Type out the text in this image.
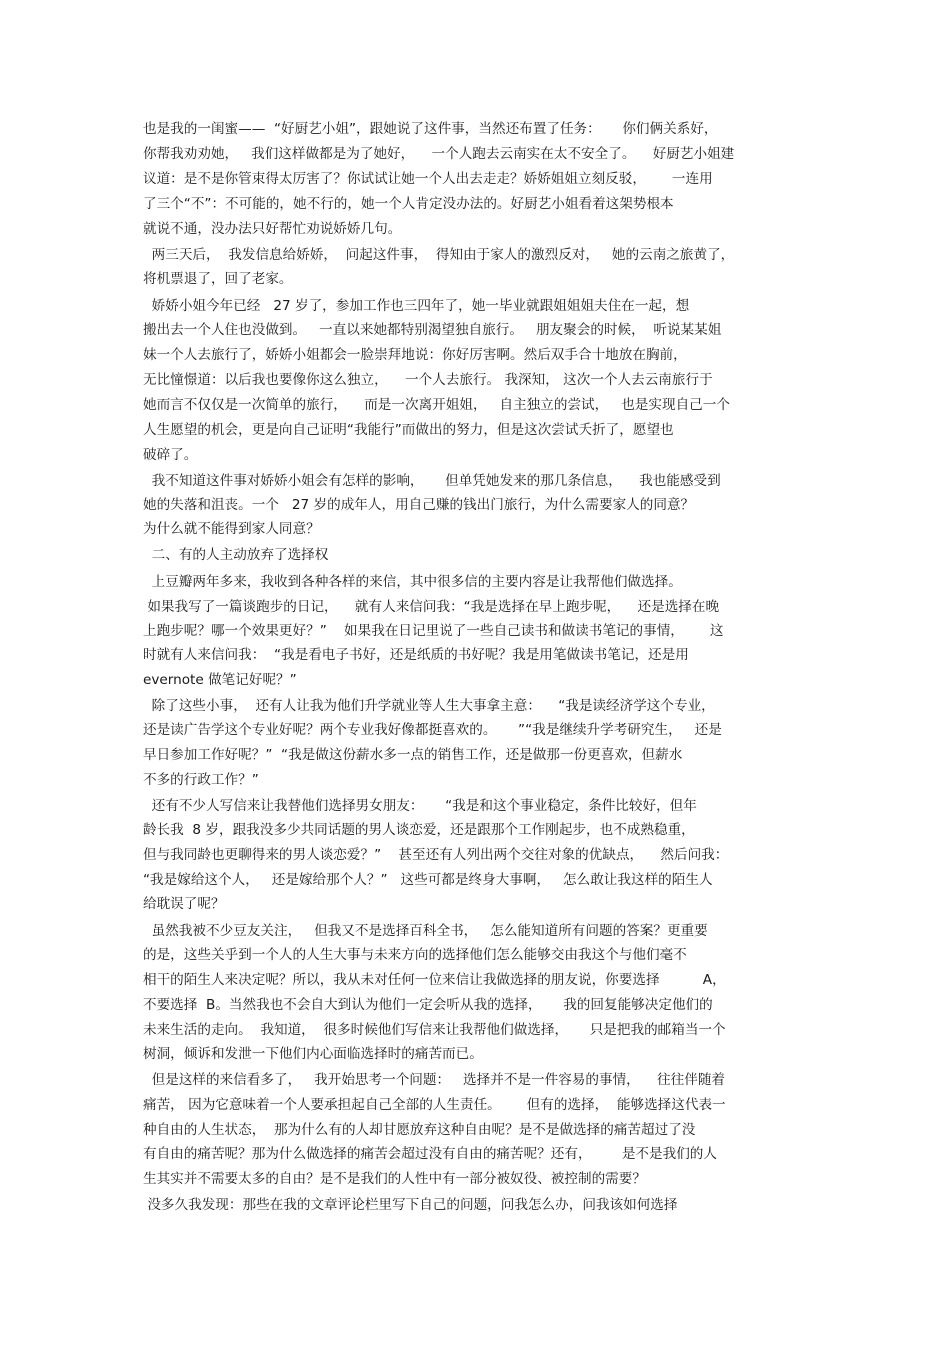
也是我的一闺蜜——  “好厨艺小姐”，跟她说了这件事，当然还布置了任务：     你们俩关系好，
你帮我劝劝她，   我们这样做都是为了她好，    一个人跑去云南实在太不安全了。    好厨艺小姐建
议道：是不是你管束得太厉害了？你试试让她一个人出去走走？娇娇姐姐立刻反驳，      一连用
了三个“不”：不可能的，她不行的，她一个人肯定没办法的。好厨艺小姐看着这架势根本
就说不通，没办法只好帮忙劝说娇娇几句。
两三天后，  我发信息给娇娇，  问起这件事，  得知由于家人的激烈反对，   她的云南之旅黄了，
将机票退了，回了老家。
娇娇小姐今年已经   27 岁了，参加工作也三四年了，她一毕业就跟姐姐姐夫住在一起，想
搬出去一个人住也没做到。   一直以来她都特别渴望独自旅行。   朋友聚会的时候，  听说某某姐
妹一个人去旅行了，娇娇小姐都会一脸崇拜地说：你好厉害啊。然后双手合十地放在胸前，
无比憧憬道：以后我也要像你这么独立，    一个人去旅行。 我深知， 这次一个人去云南旅行于
她而言不仅仅是一次简单的旅行，    而是一次离开姐姐，   自主独立的尝试，   也是实现自己一个
人生愿望的机会，更是向自己证明“我能行”而做出的努力，但是这次尝试夭折了，愿望也
破碎了。
我不知道这件事对娇娇小姐会有怎样的影响，     但单凭她发来的那几条信息，    我也能感受到
她的失落和沮丧。一个   27 岁的成年人，用自己赚的钱出门旅行，为什么需要家人的同意？
为什么就不能得到家人同意？
二、有的人主动放弃了选择权
上豆瓣两年多来，我收到各种各样的来信，其中很多信的主要内容是让我帮他们做选择。
如果我写了一篇谈跑步的日记，    就有人来信问我：“我是选择在早上跑步呢，    还是选择在晚
上跑步呢？哪一个效果更好？”    如果我在日记里说了一些自己读书和做读书笔记的事情，      这
时就有人来信问我：  “我是看电子书好，还是纸质的书好呢？我是用笔做读书笔记，还是用
evernote 做笔记好呢？”
除了这些小事，  还有人让我为他们升学就业等人生大事拿主意：    “我是读经济学这个专业，
还是读广告学这个专业好呢？两个专业我好像都挺喜欢的。     ”“我是继续升学考研究生，   还是
早日参加工作好呢？”  “我是做这份薪水多一点的销售工作，还是做那一份更喜欢，但薪水
不多的行政工作？”
还有不少人写信来让我替他们选择男女朋友：     “我是和这个事业稳定，条件比较好，但年
龄长我  8 岁，跟我没多少共同话题的男人谈恋爱，还是跟那个工作刚起步，也不成熟稳重，
但与我同龄也更聊得来的男人谈恋爱？”    甚至还有人列出两个交往对象的优缺点，    然后问我：
“我是嫁给这个人，   还是嫁给那个人？”   这些可都是终身大事啊，   怎么敢让我这样的陌生人
给耽误了呢？
虽然我被不少豆友关注，   但我又不是选择百科全书，   怎么能知道所有问题的答案？更重要
的是，这些关乎到一个人的人生大事与未来方向的选择他们怎么能够交由我这个与他们毫不
相干的陌生人来决定呢？所以，我从未对任何一位来信让我做选择的朋友说，你要选择          A，
不要选择  B。当然我也不会自大到认为他们一定会听从我的选择，     我的回复能够决定他们的
未来生活的走向。  我知道，  很多时候他们写信来让我帮他们做选择，     只是把我的邮箱当一个
树洞，倾诉和发泄一下他们内心面临选择时的痛苦而已。
但是这样的来信看多了，   我开始思考一个问题：   选择并不是一件容易的事情，    往往伴随着
痛苦， 因为它意味着一个人要承担起自己全部的人生责任。      但有的选择，  能够选择这代表一
种自由的人生状态，  那为什么有的人却甘愿放弃这种自由呢？是不是做选择的痛苦超过了没
有自由的痛苦呢？那为什么做选择的痛苦会超过没有自由的痛苦呢？还有，       是不是我们的人
生其实并不需要太多的自由？是不是我们的人性中有一部分被奴役、被控制的需要？
没多久我发现：那些在我的文章评论栏里写下自己的问题，问我怎么办，问我该如何选择
